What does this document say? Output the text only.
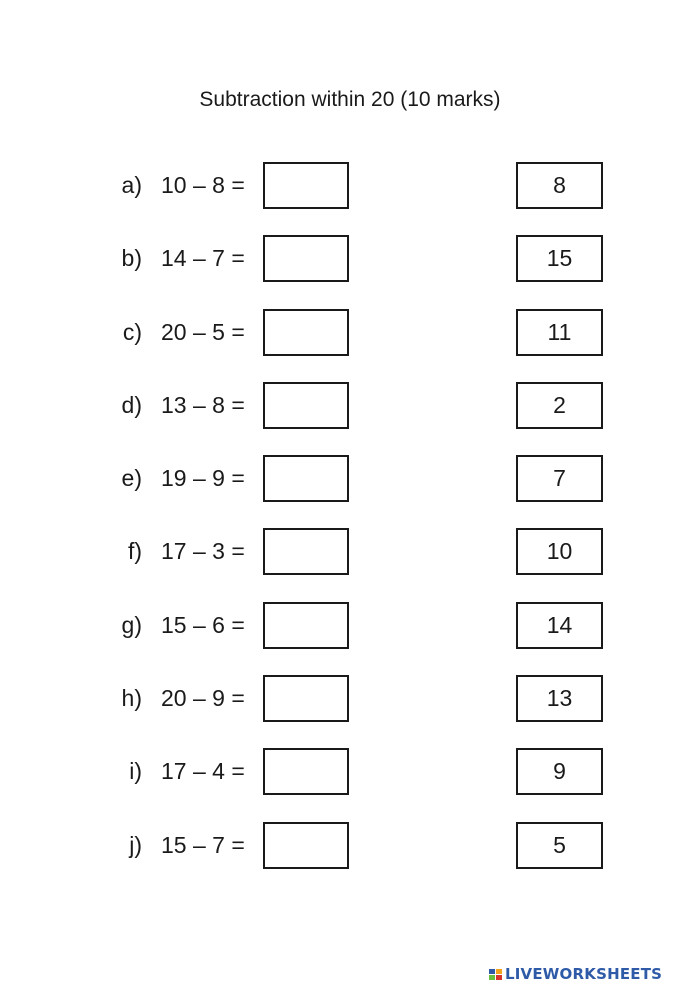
Subtraction within 20 (10 marks)
a) 10 – 8 =	8
b) 14 – 7 =	15
c) 20 – 5 =	11
d) 13 – 8 =	2
e) 19 – 9 =	7
f) 17 – 3 =	10
g) 15 – 6 =	14
h) 20 – 9 =	13
i) 17 – 4 =	9
j) 15 – 7 =	5
LIVEWORKSHEETS
